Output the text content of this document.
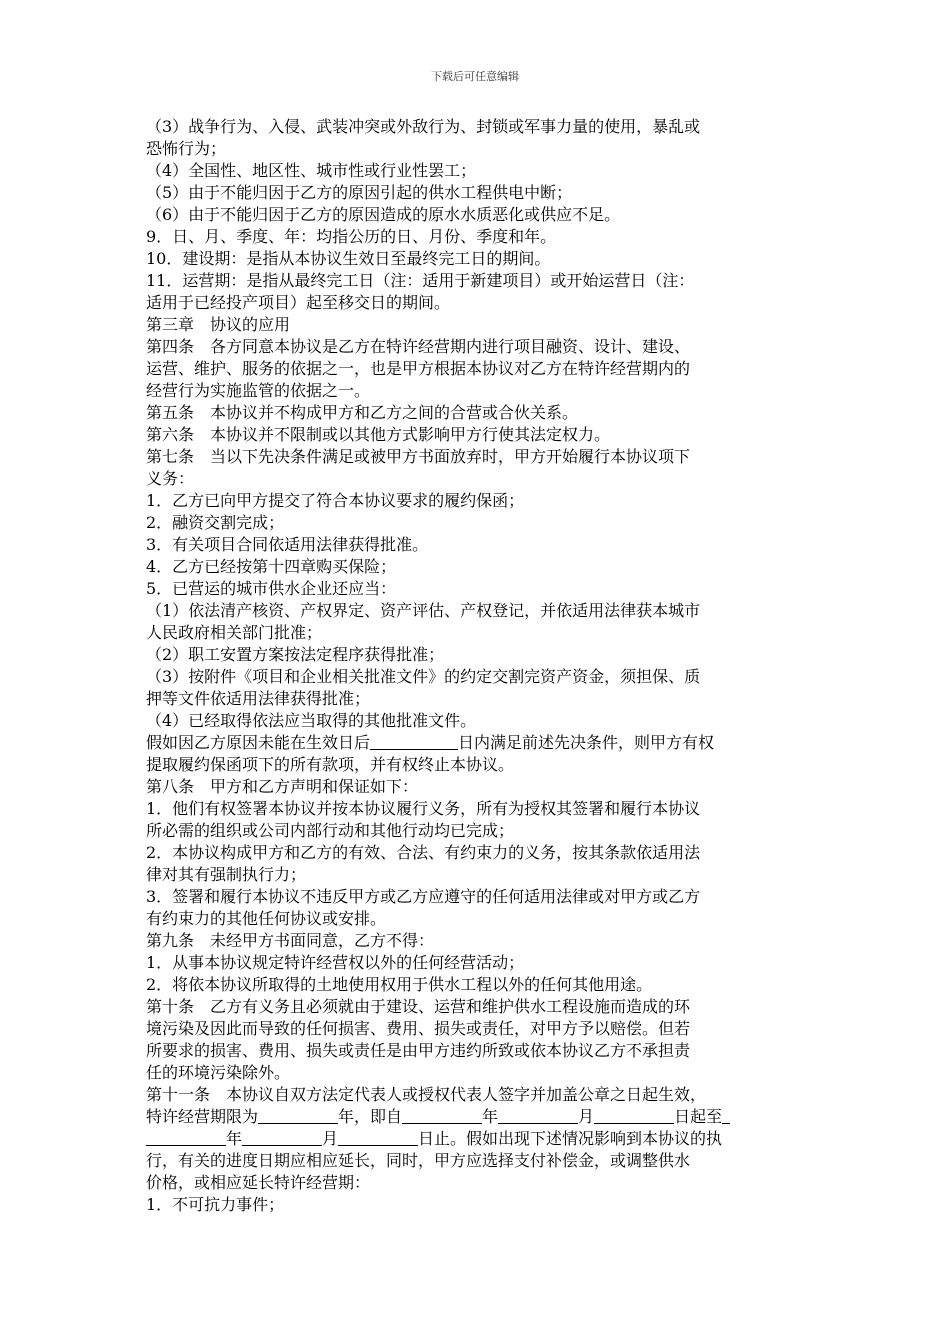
下载后可任意编辑
（3）战争行为、入侵、武装冲突或外敌行为、封锁或军事力量的使用，暴乱或
恐怖行为；
（4）全国性、地区性、城市性或行业性罢工；
（5）由于不能归因于乙方的原因引起的供水工程供电中断；
（6）由于不能归因于乙方的原因造成的原水水质恶化或供应不足。
9．日、月、季度、年：均指公历的日、月份、季度和年。
10．建设期：是指从本协议生效日至最终完工日的期间。
11．运营期：是指从最终完工日（注：适用于新建项目）或开始运营日（注：
适用于已经投产项目）起至移交日的期间。
第三章　协议的应用
第四条　各方同意本协议是乙方在特许经营期内进行项目融资、设计、建设、
运营、维护、服务的依据之一，也是甲方根据本协议对乙方在特许经营期内的
经营行为实施监管的依据之一。
第五条　本协议并不构成甲方和乙方之间的合营或合伙关系。
第六条　本协议并不限制或以其他方式影响甲方行使其法定权力。
第七条　当以下先决条件满足或被甲方书面放弃时，甲方开始履行本协议项下
义务：
1．乙方已向甲方提交了符合本协议要求的履约保函；
2．融资交割完成；
3．有关项目合同依适用法律获得批准。
4．乙方已经按第十四章购买保险；
5．已营运的城市供水企业还应当：
（1）依法清产核资、产权界定、资产评估、产权登记，并依适用法律获本城市
人民政府相关部门批准；
（2）职工安置方案按法定程序获得批准；
（3）按附件《项目和企业相关批准文件》的约定交割完资产资金，须担保、质
押等文件依适用法律获得批准；
（4）已经取得依法应当取得的其他批准文件。
假如因乙方原因未能在生效日后	日内满足前述先决条件，则甲方有权
提取履约保函项下的所有款项，并有权终止本协议。
第八条　甲方和乙方声明和保证如下：
1．他们有权签署本协议并按本协议履行义务，所有为授权其签署和履行本协议
所必需的组织或公司内部行动和其他行动均已完成；
2．本协议构成甲方和乙方的有效、合法、有约束力的义务，按其条款依适用法
律对其有强制执行力；
3．签署和履行本协议不违反甲方或乙方应遵守的任何适用法律或对甲方或乙方
有约束力的其他任何协议或安排。
第九条　未经甲方书面同意，乙方不得：
1．从事本协议规定特许经营权以外的任何经营活动；
2．将依本协议所取得的土地使用权用于供水工程以外的任何其他用途。
第十条　乙方有义务且必须就由于建设、运营和维护供水工程设施而造成的环
境污染及因此而导致的任何损害、费用、损失或责任，对甲方予以赔偿。但若
所要求的损害、费用、损失或责任是由甲方违约所致或依本协议乙方不承担责
任的环境污染除外。
第十一条　本协议自双方法定代表人或授权代表人签字并加盖公章之日起生效，
特许经营期限为	年，即自	年	月	日起至
年	月	日止。假如出现下述情况影响到本协议的执
行，有关的进度日期应相应延长，同时，甲方应选择支付补偿金，或调整供水
价格，或相应延长特许经营期：
1．不可抗力事件；
